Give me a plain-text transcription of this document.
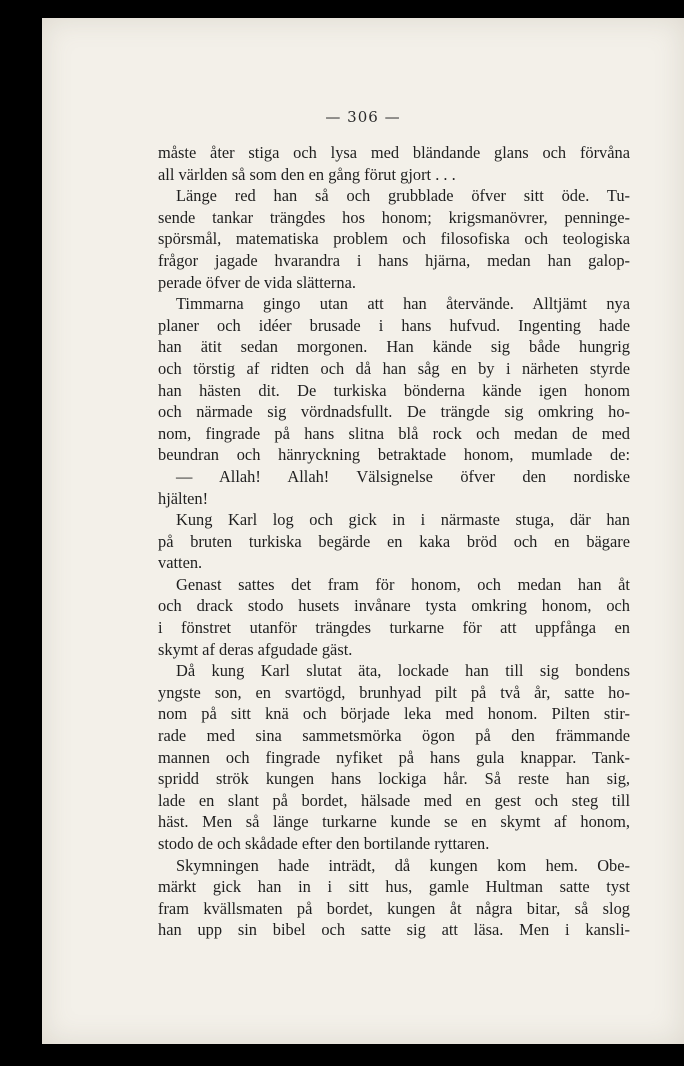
— 306 —
måste åter stiga och lysa med bländande glans och förvåna
all världen så som den en gång förut gjort . . .
Länge red han så och grubblade öfver sitt öde. Tu-
sende tankar trängdes hos honom; krigsmanövrer, penninge-
spörsmål, matematiska problem och filosofiska och teologiska
frågor jagade hvarandra i hans hjärna, medan han galop-
perade öfver de vida slätterna.
Timmarna gingo utan att han återvände. Alltjämt nya
planer och idéer brusade i hans hufvud. Ingenting hade
han ätit sedan morgonen. Han kände sig både hungrig
och törstig af ridten och då han såg en by i närheten styrde
han hästen dit. De turkiska bönderna kände igen honom
och närmade sig vördnadsfullt. De trängde sig omkring ho-
nom, fingrade på hans slitna blå rock och medan de med
beundran och hänryckning betraktade honom, mumlade de:
— Allah! Allah! Välsignelse öfver den nordiske
hjälten!
Kung Karl log och gick in i närmaste stuga, där han
på bruten turkiska begärde en kaka bröd och en bägare
vatten.
Genast sattes det fram för honom, och medan han åt
och drack stodo husets invånare tysta omkring honom, och
i fönstret utanför trängdes turkarne för att uppfånga en
skymt af deras afgudade gäst.
Då kung Karl slutat äta, lockade han till sig bondens
yngste son, en svartögd, brunhyad pilt på två år, satte ho-
nom på sitt knä och började leka med honom. Pilten stir-
rade med sina sammetsmörka ögon på den främmande
mannen och fingrade nyfiket på hans gula knappar. Tank-
spridd strök kungen hans lockiga hår. Så reste han sig,
lade en slant på bordet, hälsade med en gest och steg till
häst. Men så länge turkarne kunde se en skymt af honom,
stodo de och skådade efter den bortilande ryttaren.
Skymningen hade inträdt, då kungen kom hem. Obe-
märkt gick han in i sitt hus, gamle Hultman satte tyst
fram kvällsmaten på bordet, kungen åt några bitar, så slog
han upp sin bibel och satte sig att läsa. Men i kansli-
